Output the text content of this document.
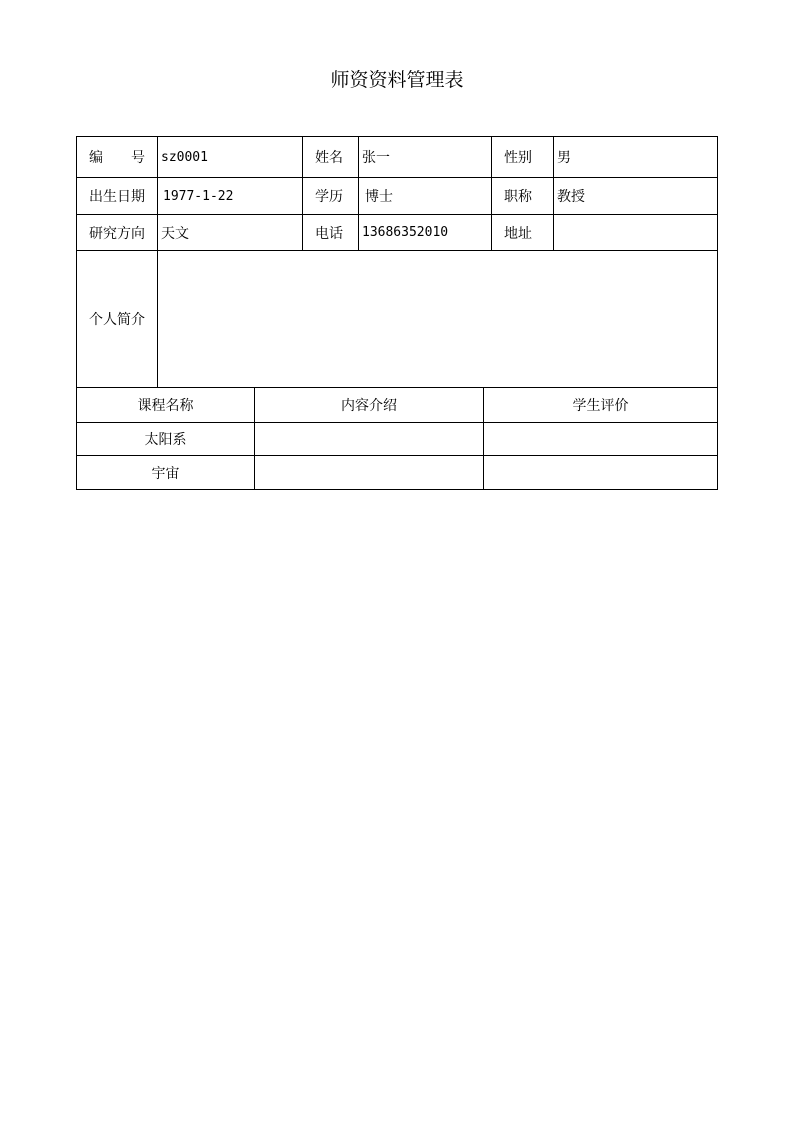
师资资料管理表
编 号	sz0001	姓名	张一	性别	男
出生日期	1977-1-22	学历	博士	职称	教授
研究方向	天文	电话	13686352010	地址	
个人简介					
课程名称	内容介绍	学生评价
太阳系		
宇宙		
